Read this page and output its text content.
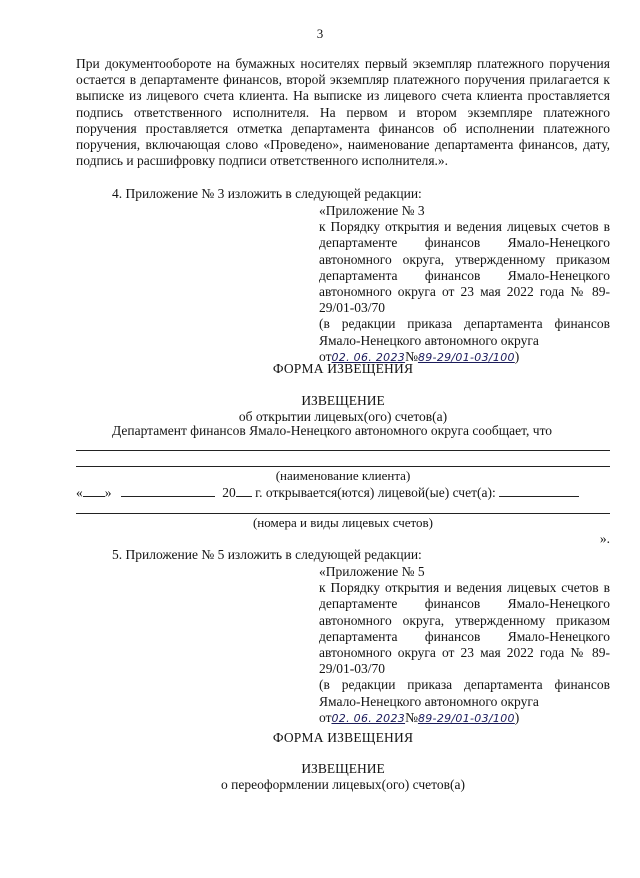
3
При документообороте на бумажных носителях первый экземпляр платежного поручения остается в департаменте финансов, второй экземпляр платежного поручения прилагается к выписке из лицевого счета клиента. На выписке из лицевого счета клиента проставляется подпись ответственного исполнителя. На первом и втором экземпляре платежного поручения проставляется отметка департамента финансов об исполнении платежного поручения, включающая слово «Проведено», наименование департамента финансов, дату, подпись и расшифровку подписи ответственного исполнителя.».
4. Приложение № 3 изложить в следующей редакции:
«Приложение № 3
к Порядку открытия и ведения лицевых счетов в департаменте финансов Ямало-Ненецкого автономного округа, утвержденному приказом департамента финансов Ямало-Ненецкого автономного округа от 23 мая 2022 года № 89-29/01-03/70
(в редакции приказа департамента финансов Ямало-Ненецкого автономного округа
от02. 06. 2023№89-29/01-03/100)
ФОРМА ИЗВЕЩЕНИЯ
ИЗВЕЩЕНИЕ
об открытии лицевых(ого) счетов(а)
Департамент финансов Ямало-Ненецкого автономного округа сообщает, что
(наименование клиента)
« »	20 г. открывается(ются) лицевой(ые) счет(а):
(номера и виды лицевых счетов)
».
5. Приложение № 5 изложить в следующей редакции:
«Приложение № 5
к Порядку открытия и ведения лицевых счетов в департаменте финансов Ямало-Ненецкого автономного округа, утвержденному приказом департамента финансов Ямало-Ненецкого автономного округа от 23 мая 2022 года № 89-29/01-03/70
(в редакции приказа департамента финансов Ямало-Ненецкого автономного округа
от02. 06. 2023№89-29/01-03/100)
ФОРМА ИЗВЕЩЕНИЯ
ИЗВЕЩЕНИЕ
о переоформлении лицевых(ого) счетов(а)
